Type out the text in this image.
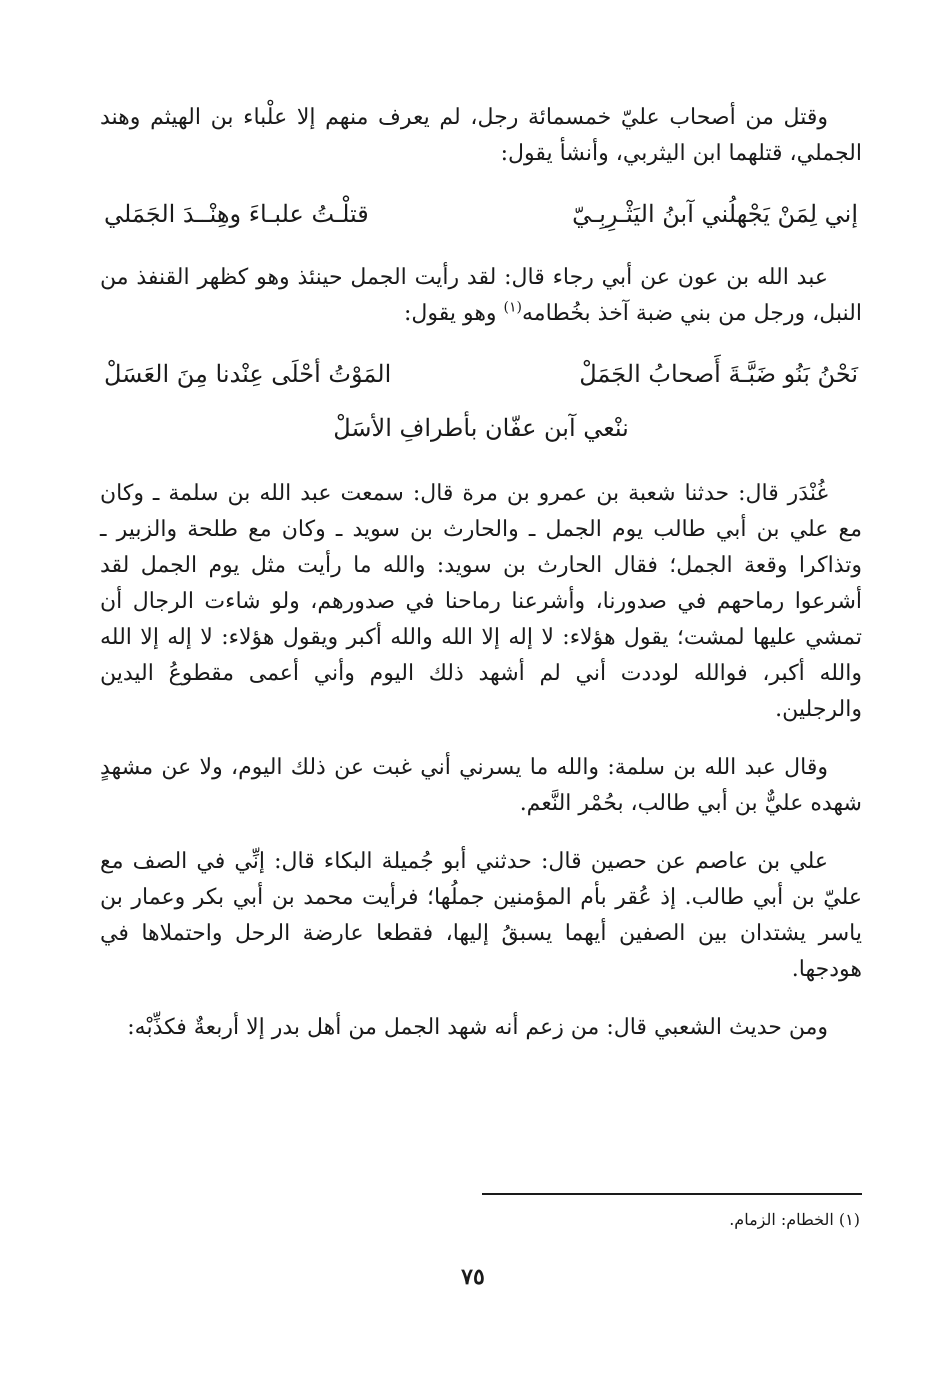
وقتل من أصحاب عليّ خمسمائة رجل، لم يعرف منهم إلا علْباء بن الهيثم وهند الجملي، قتلهما ابن اليثربي، وأنشأ يقول:

إني لِمَنْ يَجْهلُني آبنُ اليَثْـرِبِـيّ
قتلْـتُ علبـاءَ وهِنْــدَ الجَمَلي

عبد الله بن عون عن أبي رجاء قال: لقد رأيت الجمل حينئذ وهو كظهر القنفذ من النبل، ورجل من بني ضبة آخذ بخُطامه$^{(١)}$ وهو يقول:

نَحْنُ بَنُو ضَبَّـةَ أَصحابُ الجَمَلْ
المَوْتُ أحْلَى عِنْدنا مِنَ العَسَلْ
ننْعي آبن عفّان بأطرافِ الأسَلْ

غُنْدَر قال: حدثنا شعبة بن عمرو بن مرة قال: سمعت عبد الله بن سلمة ـ وكان مع علي بن أبي طالب يوم الجمل ـ والحارث بن سويد ـ وكان مع طلحة والزبير ـ وتذاكرا وقعة الجمل؛ فقال الحارث بن سويد: والله ما رأيت مثل يوم الجمل لقد أشرعوا رماحهم في صدورنا، وأشرعنا رماحنا في صدورهم، ولو شاءت الرجال أن تمشي عليها لمشت؛ يقول هؤلاء: لا إله إلا الله والله أكبر ويقول هؤلاء: لا إله إلا الله والله أكبر، فوالله لوددت أني لم أشهد ذلك اليوم وأني أعمى مقطوعُ اليدين والرجلين.

وقال عبد الله بن سلمة: والله ما يسرني أني غبت عن ذلك اليوم، ولا عن مشهدٍ شهده عليٌّ بن أبي طالب، بحُمْر النَّعم.

علي بن عاصم عن حصين قال: حدثني أبو جُميلة البكاء قال: إنِّي في الصف مع عليّ بن أبي طالب. إذ عُقر بأم المؤمنين جملُها؛ فرأيت محمد بن أبي بكر وعمار بن ياسر يشتدان بين الصفين أيهما يسبقُ إليها، فقطعا عارضة الرحل واحتملاها في هودجها.

ومن حديث الشعبي قال: من زعم أنه شهد الجمل من أهل بدر إلا أربعةٌ فكذِّبْه:

(١) الخطام: الزمام.
٧٥
